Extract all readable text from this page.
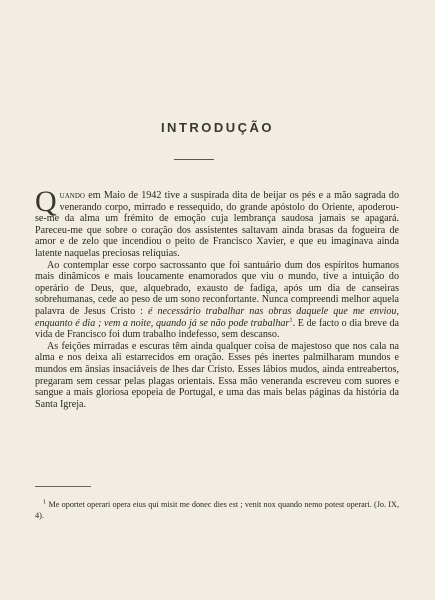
INTRODUÇÃO

Quando em Maio de 1942 tive a suspirada dita de beijar os pés e a mão sagrada do venerando corpo, mirrado e ressequido, do grande apóstolo do Oriente, apoderou-se-me da alma um frémito de emoção cuja lembrança saudosa jamais se apagará. Pareceu-me que sobre o coração dos assistentes saltavam ainda brasas da fogueira de amor e de zelo que incendiou o peito de Francisco Xavier, e que eu imaginava ainda latente naquelas preciosas relíquias.

Ao contemplar esse corpo sacrossanto que foi santuário dum dos espíritos humanos mais dinâmicos e mais loucamente enamorados que viu o mundo, tive a intuição do operário de Deus, que, alquebrado, exausto de fadiga, após um dia de canseiras sobrehumanas, cede ao peso de um sono reconfortante. Nunca compreendi melhor aquela palavra de Jesus Cristo : é necessário trabalhar nas obras daquele que me enviou, enquanto é dia ; vem a noite, quando já se não pode trabalhar$^1$. E de facto o dia breve da vida de Francisco foi dum trabalho indefesso, sem descanso.

As feições mirradas e escuras têm ainda qualquer coisa de majestoso que nos cala na alma e nos deixa ali estarrecidos em oração. Esses pés inertes palmilharam mundos e mundos em ânsias insaciáveis de lhes dar Cristo. Esses lábios mudos, ainda entreabertos, pregaram sem cessar pelas plagas orientais. Essa mão veneranda escreveu com suores e sangue a mais gloriosa epopeia de Portugal, e uma das mais belas páginas da história da Santa Igreja.

$^1$ Me oportet operari opera eius qui misit me donec dies est ; venit nox quando nemo potest operari. (Jo. IX, 4).
